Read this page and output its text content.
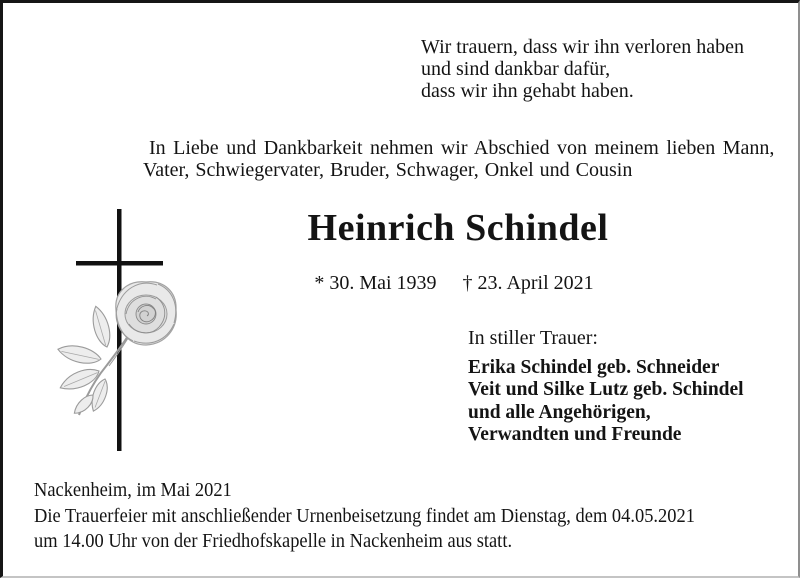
Wir trauern, dass wir ihn verloren haben
und sind dankbar dafür,
dass wir ihn gehabt haben.
In Liebe und Dankbarkeit nehmen wir Abschied von meinem lieben Mann,
Vater, Schwiegervater, Bruder, Schwager, Onkel und Cousin
Heinrich Schindel
* 30. Mai 1939 † 23. April 2021
In stiller Trauer:
Erika Schindel geb. Schneider
Veit und Silke Lutz geb. Schindel
und alle Angehörigen,
Verwandten und Freunde
Nackenheim, im Mai 2021
Die Trauerfeier mit anschließender Urnenbeisetzung findet am Dienstag, dem 04.05.2021
um 14.00 Uhr von der Friedhofskapelle in Nackenheim aus statt.
